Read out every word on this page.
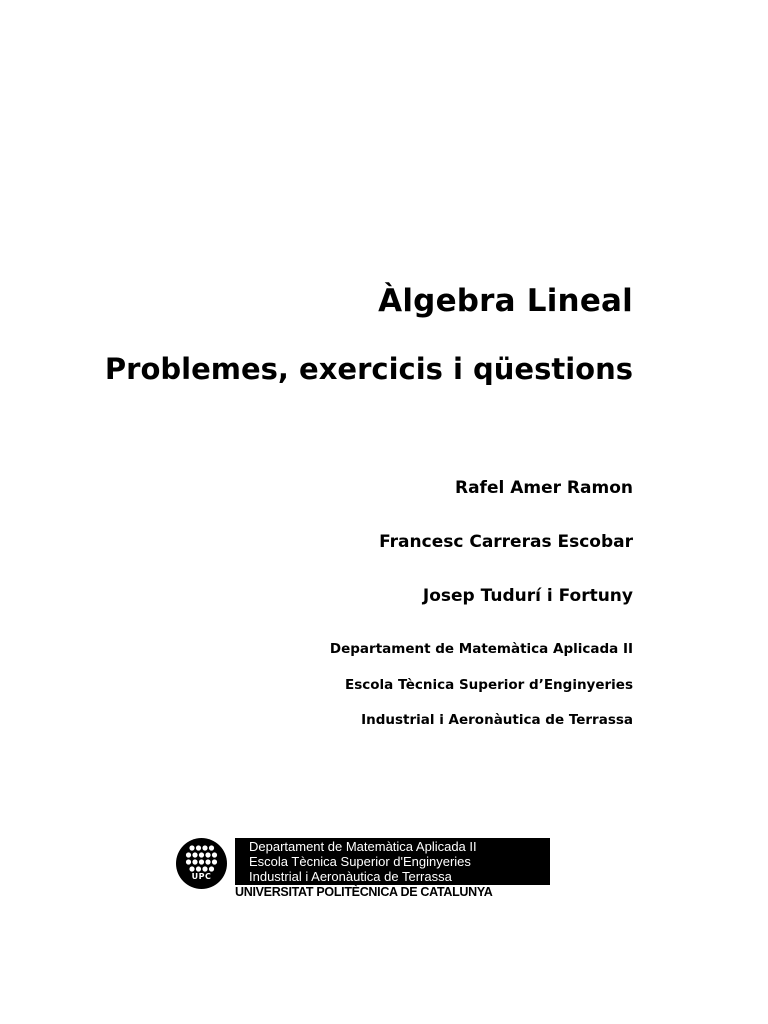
Àlgebra Lineal
Problemes, exercicis i qüestions
Rafel Amer Ramon
Francesc Carreras Escobar
Josep Tudurí i Fortuny
Departament de Matemàtica Aplicada II
Escola Tècnica Superior d’Enginyeries
Industrial i Aeronàutica de Terrassa
UPC
Departament de Matemàtica Aplicada II
Escola Tècnica Superior d'Enginyeries
Industrial i Aeronàutica de Terrassa
UNIVERSITAT POLITÈCNICA DE CATALUNYA
